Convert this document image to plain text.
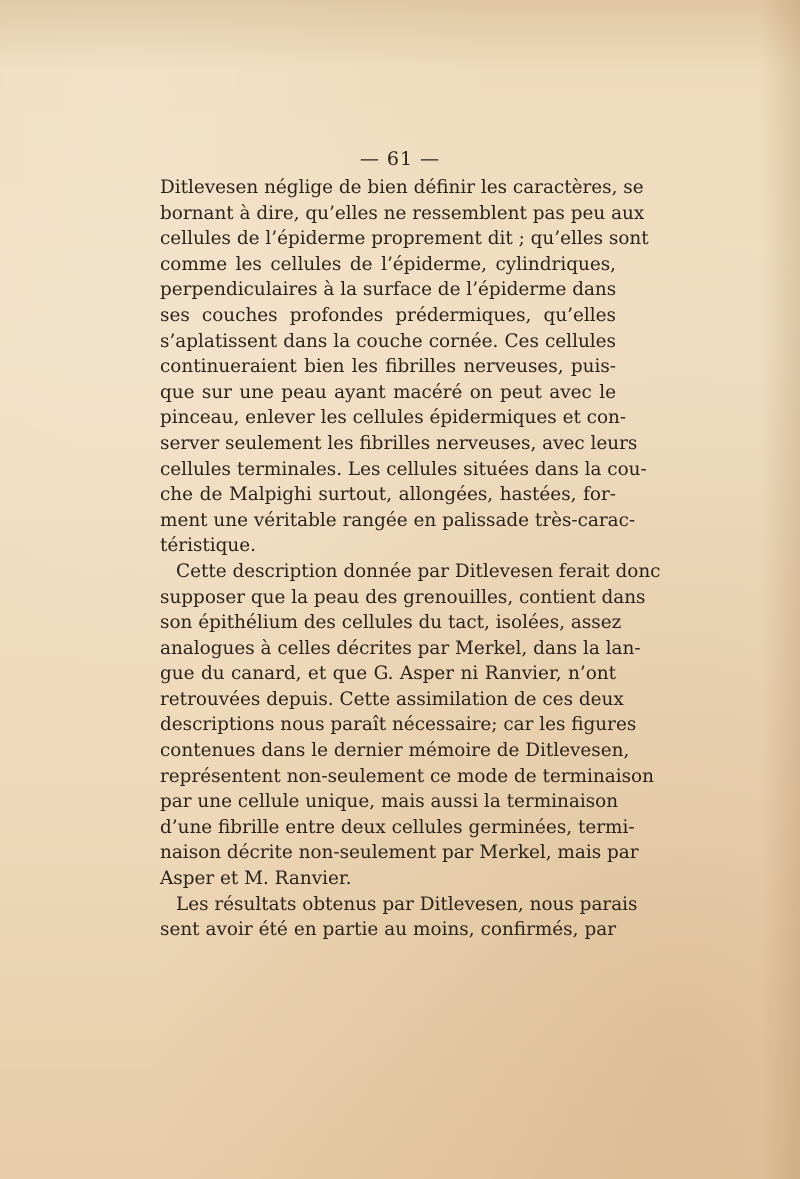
— 61 —
Ditlevesen néglige de bien définir les caractères, se
bornant à dire, qu’elles ne ressemblent pas peu aux
cellules de l’épiderme proprement dit ; qu’elles sont
comme les cellules de l’épiderme, cylindriques,
perpendiculaires à la surface de l’épiderme dans
ses couches profondes prédermiques, qu’elles
s’aplatissent dans la couche cornée. Ces cellules
continueraient bien les fibrilles nerveuses, puis-
que sur une peau ayant macéré on peut avec le
pinceau, enlever les cellules épidermiques et con-
server seulement les fibrilles nerveuses, avec leurs
cellules terminales. Les cellules situées dans la cou-
che de Malpighi surtout, allongées, hastées, for-
ment une véritable rangée en palissade très-carac-
téristique.
Cette description donnée par Ditlevesen ferait donc
supposer que la peau des grenouilles, contient dans
son épithélium des cellules du tact, isolées, assez
analogues à celles décrites par Merkel, dans la lan-
gue du canard, et que G. Asper ni Ranvier, n’ont
retrouvées depuis. Cette assimilation de ces deux
descriptions nous paraît nécessaire; car les figures
contenues dans le dernier mémoire de Ditlevesen,
représentent non-seulement ce mode de terminaison
par une cellule unique, mais aussi la terminaison
d’une fibrille entre deux cellules germinées, termi-
naison décrite non-seulement par Merkel, mais par
Asper et M. Ranvier.
Les résultats obtenus par Ditlevesen, nous parais
sent avoir été en partie au moins, confirmés, par
